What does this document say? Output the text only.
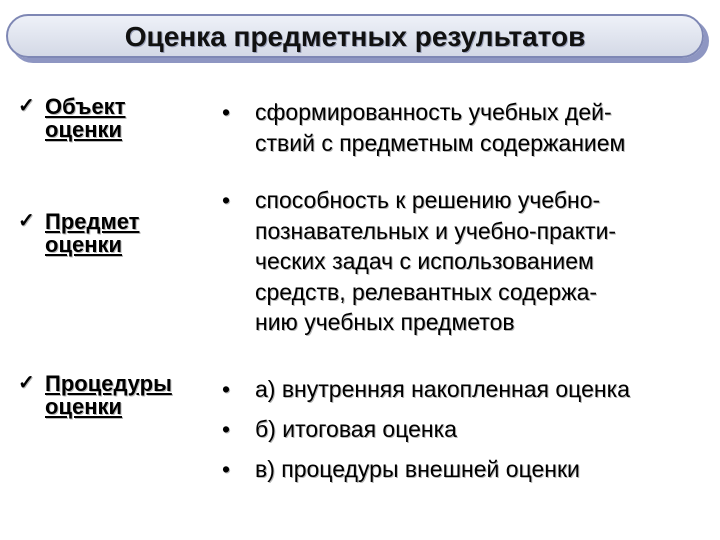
Оценка предметных результатов
✓ Объект
оценки
• сформированность учебных дей-
ствий с предметным содержанием
✓ Предмет
оценки
• способность к решению учебно-
познавательных и учебно-практи-
ческих задач с использованием
средств, релевантных содержа-
нию учебных предметов
✓ Процедуры
оценки
• а) внутренняя накопленная оценка
• б) итоговая оценка
• в) процедуры внешней оценки
